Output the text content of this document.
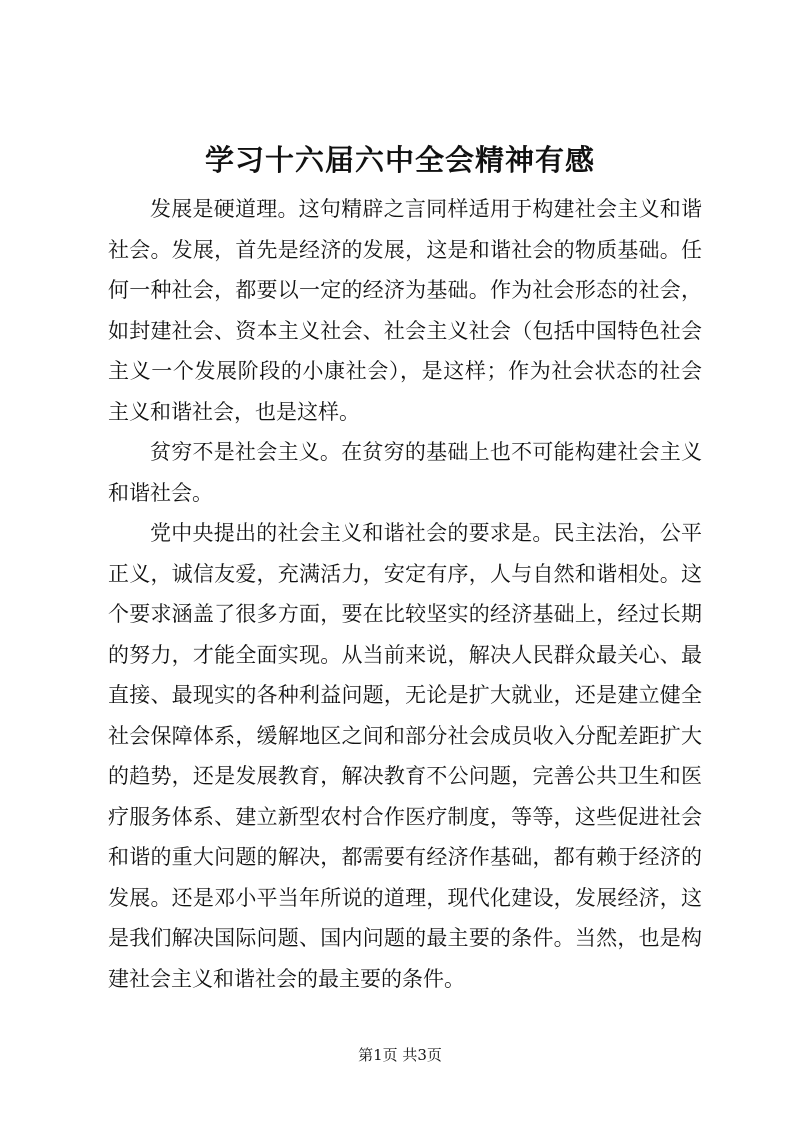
学习十六届六中全会精神有感

发展是硬道理。这句精辟之言同样适用于构建社会主义和谐社会。发展，首先是经济的发展，这是和谐社会的物质基础。任何一种社会，都要以一定的经济为基础。作为社会形态的社会，如封建社会、资本主义社会、社会主义社会（包括中国特色社会主义一个发展阶段的小康社会），是这样；作为社会状态的社会主义和谐社会，也是这样。

贫穷不是社会主义。在贫穷的基础上也不可能构建社会主义和谐社会。

党中央提出的社会主义和谐社会的要求是。民主法治，公平正义，诚信友爱，充满活力，安定有序，人与自然和谐相处。这个要求涵盖了很多方面，要在比较坚实的经济基础上，经过长期的努力，才能全面实现。从当前来说，解决人民群众最关心、最直接、最现实的各种利益问题，无论是扩大就业，还是建立健全社会保障体系，缓解地区之间和部分社会成员收入分配差距扩大的趋势，还是发展教育，解决教育不公问题，完善公共卫生和医疗服务体系、建立新型农村合作医疗制度，等等，这些促进社会和谐的重大问题的解决，都需要有经济作基础，都有赖于经济的发展。还是邓小平当年所说的道理，现代化建设，发展经济，这是我们解决国际问题、国内问题的最主要的条件。当然，也是构建社会主义和谐社会的最主要的条件。

第1页 共3页
